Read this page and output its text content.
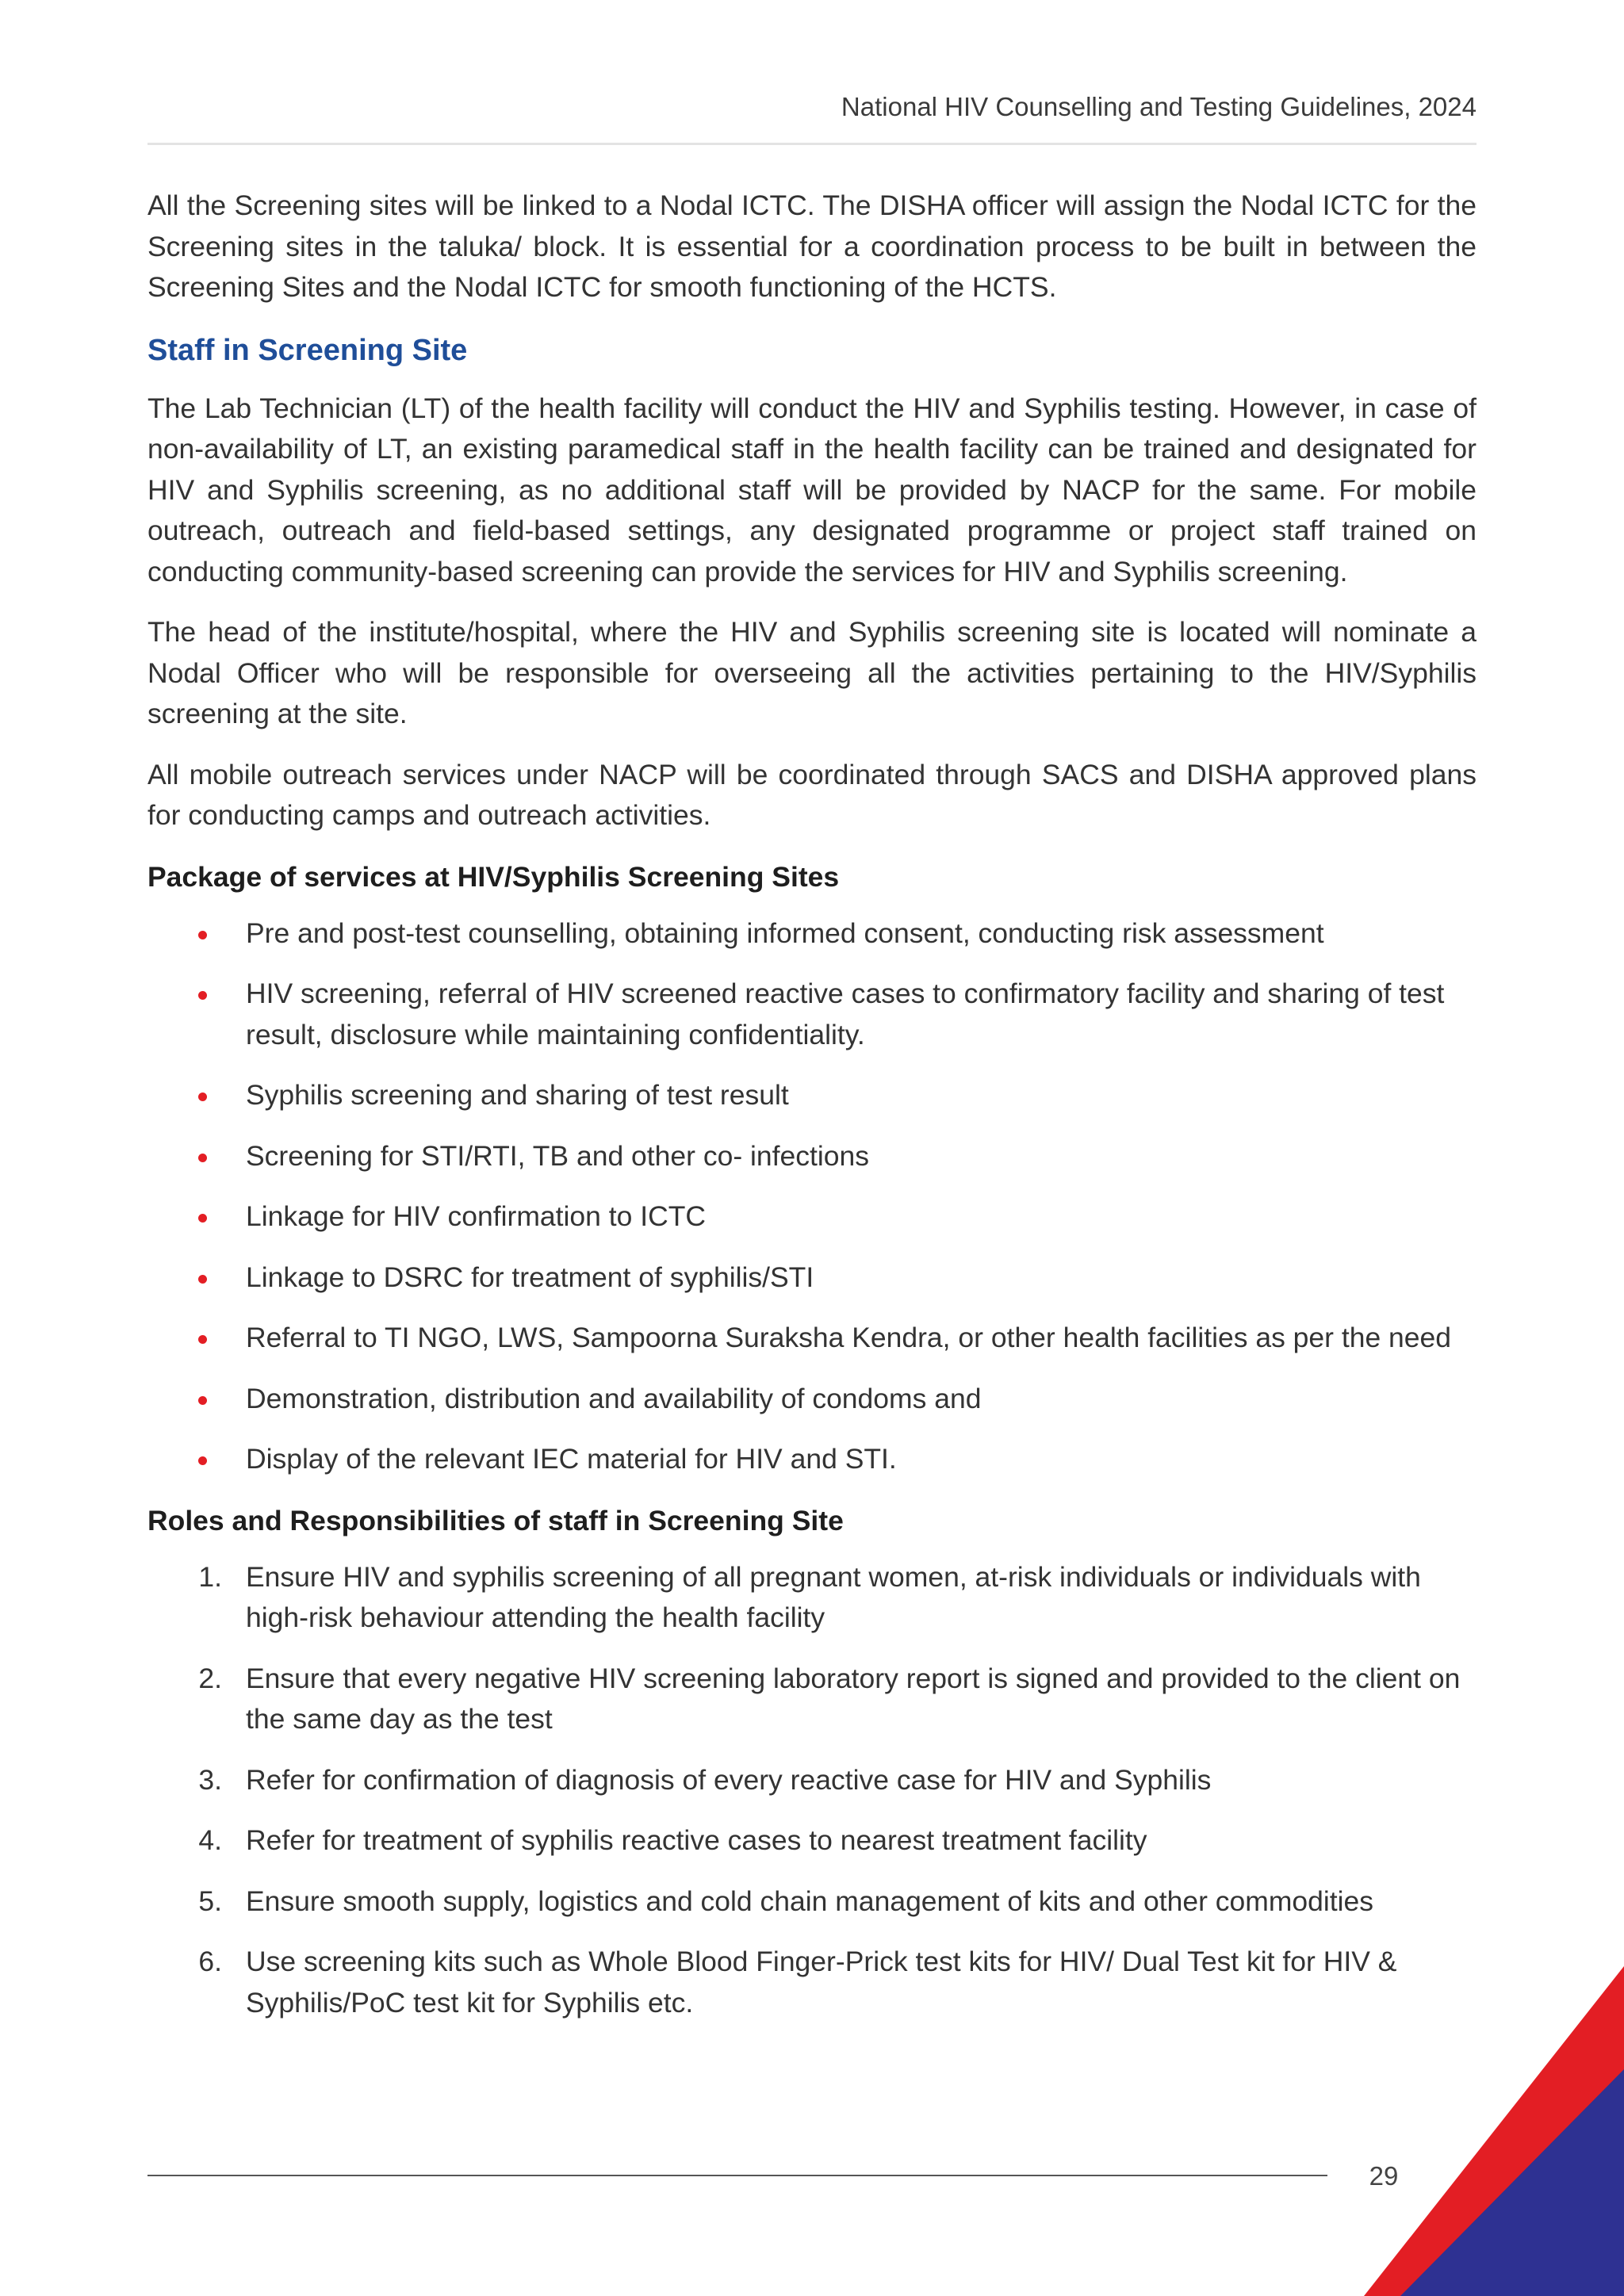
National HIV Counselling and Testing Guidelines, 2024

All the Screening sites will be linked to a Nodal ICTC. The DISHA officer will assign the Nodal ICTC for the Screening sites in the taluka/ block. It is essential for a coordination process to be built in between the Screening Sites and the Nodal ICTC for smooth functioning of the HCTS.

Staff in Screening Site

The Lab Technician (LT) of the health facility will conduct the HIV and Syphilis testing. However, in case of non-availability of LT, an existing paramedical staff in the health facility can be trained and designated for HIV and Syphilis screening, as no additional staff will be provided by NACP for the same. For mobile outreach, outreach and field-based settings, any designated programme or project staff trained on conducting community-based screening can provide the services for HIV and Syphilis screening.

The head of the institute/hospital, where the HIV and Syphilis screening site is located will nominate a Nodal Officer who will be responsible for overseeing all the activities pertaining to the HIV/Syphilis screening at the site.

All mobile outreach services under NACP will be coordinated through SACS and DISHA approved plans for conducting camps and outreach activities.

Package of services at HIV/Syphilis Screening Sites
Pre and post-test counselling, obtaining informed consent, conducting risk assessment
HIV screening, referral of HIV screened reactive cases to confirmatory facility and sharing of test result, disclosure while maintaining confidentiality.
Syphilis screening and sharing of test result
Screening for STI/RTI, TB and other co- infections
Linkage for HIV confirmation to ICTC
Linkage to DSRC for treatment of syphilis/STI
Referral to TI NGO, LWS, Sampoorna Suraksha Kendra, or other health facilities as per the need
Demonstration, distribution and availability of condoms and
Display of the relevant IEC material for HIV and STI.
Roles and Responsibilities of staff in Screening Site
1. Ensure HIV and syphilis screening of all pregnant women, at-risk individuals or individuals with high-risk behaviour attending the health facility
2. Ensure that every negative HIV screening laboratory report is signed and provided to the client on the same day as the test
3. Refer for confirmation of diagnosis of every reactive case for HIV and Syphilis
4. Refer for treatment of syphilis reactive cases to nearest treatment facility
5. Ensure smooth supply, logistics and cold chain management of kits and other commodities
6. Use screening kits such as Whole Blood Finger-Prick test kits for HIV/ Dual Test kit for HIV & Syphilis/PoC test kit for Syphilis etc.
29
